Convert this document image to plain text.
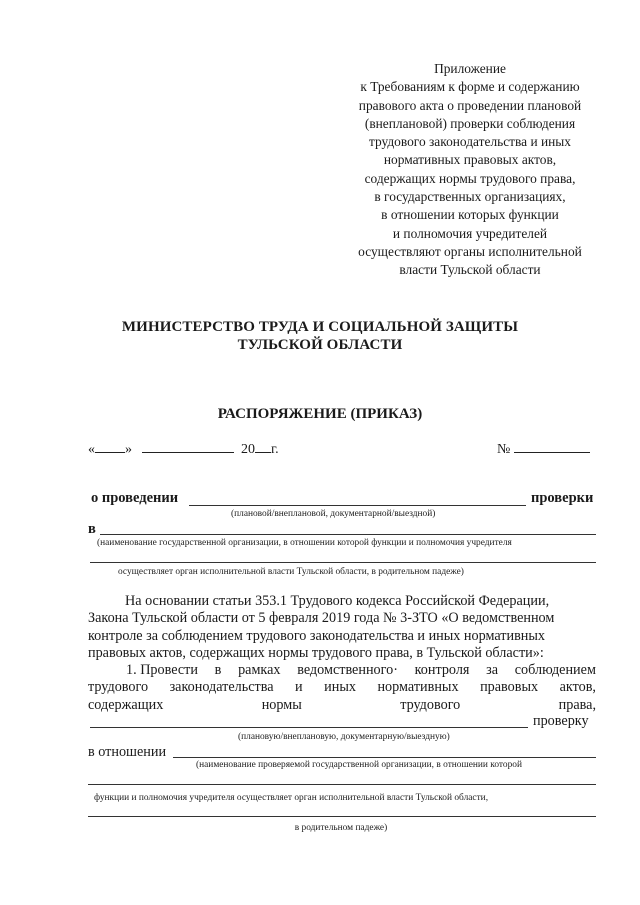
Приложение
к Требованиям к форме и содержанию
правового акта о проведении плановой
(внеплановой) проверки соблюдения
трудового законодательства и иных
нормативных правовых актов,
содержащих нормы трудового права,
в государственных организациях,
в отношении которых функции
и полномочия учредителей
осуществляют органы исполнительной
власти Тульской области
МИНИСТЕРСТВО ТРУДА И СОЦИАЛЬНОЙ ЗАЩИТЫ
ТУЛЬСКОЙ ОБЛАСТИ
РАСПОРЯЖЕНИЕ (ПРИКАЗ)
« »	20 г.	№
о проведении	проверки
(плановой/внеплановой, документарной/выездной)
в
(наименование государственной организации, в отношении которой функции и полномочия учредителя
осуществляет орган исполнительной власти Тульской области, в родительном падеже)
На основании статьи 353.1 Трудового кодекса Российской Федерации,
Закона Тульской области от 5 февраля 2019 года № 3-ЗТО «О ведомственном
контроле за соблюдением трудового законодательства и иных нормативных
правовых актов, содержащих нормы трудового права, в Тульской области»:
1. Провести в рамках ведомственного· контроля за соблюдением
трудового законодательства и иных нормативных правовых актов,
содержащих	нормы	трудового	права,
проверку
(плановую/внеплановую, документарную/выездную)
в отношении
(наименование проверяемой государственной организации, в отношении которой
функции и полномочия учредителя осуществляет орган исполнительной власти Тульской области,
в родительном падеже)
